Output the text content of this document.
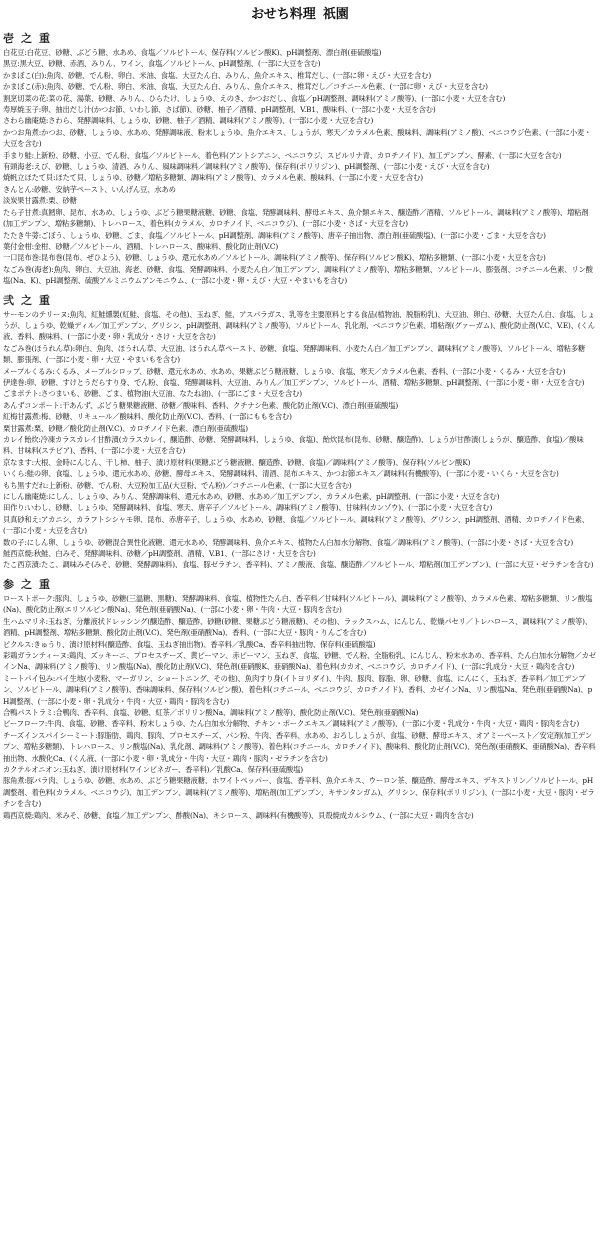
おせち料理 祇園
壱之重

白花豆:白花豆、砂糖、ぶどう糖、水あめ、食塩／ソルビトール、保存料(ソルビン酸K)、pH調整剤、漂白剤(亜硫酸塩)

黒豆:黒大豆、砂糖、赤酒、みりん、ワイン、食塩／ソルビトール、pH調整剤、(一部に大豆を含む)

かまぼこ(白):魚肉、砂糖、でん粉、卵白、米油、食塩、大豆たん白、みりん、魚介エキス、椎茸だし、(一部に卵・えび・大豆を含む)

かまぼこ(赤):魚肉、砂糖、でん粉、卵白、米油、食塩、大豆たん白、みりん、魚介エキス、椎茸だし／コチニール色素、(一部に卵・えび・大豆を含む)

割烹切菜の花:菜の花、湯葉、砂糖、みりん、ひらたけ、しょうゆ、えのき、かつおだし、食塩／pH調整剤、調味料(アミノ酸等)、(一部に小麦・大豆を含む)

寿厚焼玉子:卵、抽出だし汁(かつお節、いわし節、さば節)、砂糖、柚子／酒精、pH調整剤、V.B1、酸味料、(一部に小麦・大豆を含む)

さわら幽庵焼:さわら、発酵調味料、しょうゆ、砂糖、柚子／酒精、調味料(アミノ酸等)、(一部に小麦・大豆を含む)

かつお角煮:かつお、砂糖、しょうゆ、水あめ、発酵調味液、粉末しょうゆ、魚介エキス、しょうが、寒天／カラメル色素、酸味料、調味料(アミノ酸)、ベニコウジ色素、(一部に小麦・大豆を含む)

手まり鮭:上新粉、砂糖、小豆、でん粉、食塩／ソルビトール、着色料(アントシアニン、ベニコウジ、スピルリナ青、カロチノイド)、加工デンプン、酵素、(一部に大豆を含む)

有頭海老:えび、砂糖、しょうゆ、清酒、みりん、風味調味料／調味料(アミノ酸等)、保存料(ポリリジン)、pH調整剤、(一部に小麦・えび・大豆を含む)

焼帆立ほたて貝:ほたて貝、しょうゆ、砂糖／増粘多糖類、調味料(アミノ酸等)、カラメル色素、酸味料、(一部に小麦・大豆を含む)

きんとん:砂糖、安納芋ペースト、いんげん豆、水あめ

淡炭果甘露煮:栗、砂糖

たら子甘煮:真鱈卵、昆布、水あめ、しょうゆ、ぶどう糖果糖液糖、砂糖、食塩、発酵調味料、酵母エキス、魚介類エキス、醸造酢／酒精、ソルビトール、調味料(アミノ酸等)、増粘剤(加工デンプン、増粘多糖類)、トレハロース、着色料(カラメル、カロチノイド、ベニコウジ)、(一部に小麦・さば・大豆を含む)

たたき牛蒡:ごぼう、しょうゆ、砂糖、ごま、食塩／ソルビトール、pH調整剤、調味料(アミノ酸等)、唐辛子抽出物、漂白剤(亜硫酸塩)、(一部に小麦・ごま・大豆を含む)

葉付金柑:金柑、砂糖／ソルビトール、酒精、トレハロース、酸味料、酸化防止剤(V.C)

一口昆布巻:昆布巻(昆布、ぜひよう)、砂糖、しょうゆ、還元水あめ／ソルビトール、調味料(アミノ酸等)、保存料(ソルビン酸K)、増粘多糖類、(一部に小麦・大豆を含む)

なごみ巻(海老):魚肉、卵白、大豆油、海老、砂糖、食塩、発酵調味料、小麦たん白／加工デンプン、調味料(アミノ酸等)、増粘多糖類、ソルビトール、膨張剤、コチニール色素、リン酸塩(Na、K)、pH調整剤、硫酸アルミニウムアンモニウム、(一部に小麦・卵・えび・大豆・やまいもを含む)

弐之重

サーモンのテリーヌ:魚肉、紅鮭燻製(紅鮭、食塩、その他)、玉ねぎ、鮭、アスパラガス、乳等を主要原料とする食品(植物油、脱脂粉乳)、大豆油、卵白、砂糖、大豆たん白、食塩、しょうが、しょうゆ、乾燥ディル／加工デンプン、グリシン、pH調整剤、調味料(アミノ酸等)、ソルビトール、乳化剤、ベニコウジ色素、増粘剤(グァーガム)、酸化防止剤(V.C、V.E)、(くん液、香料、酸味料、(一部に小麦・卵・乳成分・さけ・大豆を含む)

なごみ巻(ほうれん草):卵白、魚肉、ほうれん草、大豆油、ほうれん草ペースト、砂糖、食塩、発酵調味料、小麦たん白／加工デンプン、調味料(アミノ酸等)、ソルビトール、増粘多糖類、膨張剤、(一部に小麦・卵・大豆・やまいもを含む)

メープルくるみ:くるみ、メープルシロップ、砂糖、還元水あめ、水あめ、果糖ぶどう糖液糖、しょうゆ、食塩、寒天／カラメル色素、香料、(一部に小麦・くるみ・大豆を含む)

伊達巻:卵、砂糖、すけとうだらすり身、でん粉、食塩、発酵調味料、大豆油、みりん／加工デンプン、ソルビトール、酒精、増粘多糖類、pH調整剤、(一部に小麦・卵・大豆を含む)

ごまポテト:さつまいも、砂糖、ごま、植物油(大豆油、なたね油)、(一部にごま・大豆を含む)

あんずコンポート:干あんず、ぶどう糖果糖液糖、砂糖／酸味料、香料、クチナシ色素、酸化防止剤(V.C)、漂白剤(亜硫酸塩)

紅梅甘露煮:梅、砂糖、リキュール／酸味料、酸化防止剤(V.C)、香料、(一部にももを含む)

栗甘露煮:栗、砂糖／酸化防止剤(V.C)、カロチノイド色素、漂白剤(亜硫酸塩)

カレイ飴炊:冷凍カラスカレイ甘酢漬(カラスカレイ、醸造酢、砂糖、発酵調味料、しょうゆ、食塩)、飴炊昆布(昆布、砂糖、醸造酢)、しょうが甘酢漬(しょうが、醸造酢、食塩)／酸味料、甘味料(ステビア)、香料、(一部に小麦・大豆を含む)

京なます:大根、金時にんじん、干し柿、柚子、漬け原材料(果糖ぶどう糖液糖、醸造酢、砂糖、食塩)／調味料(アミノ酸等)、保存料(ソルビン酸K)

いくら:鮭の卵、食塩、しょうゆ、還元水あめ、砂糖、酵母エキス、発酵調味料、清酒、昆布エキス、かつお節エキス／調味料(有機酸等)、(一部に小麦・いくら・大豆を含む)

もち黒すだれ:上新粉、砂糖、でん粉、大豆粉加工品(大豆粉、でん粉)／コチニール色素、(一部に大豆を含む)

にしん幽庵焼:にしん、しょうゆ、みりん、発酵調味料、還元水あめ、砂糖、水あめ／加工デンプン、カラメル色素、pH調整剤、(一部に小麦・大豆を含む)

田作り:いわし、砂糖、しょうゆ、発酵調味料、食塩、寒天、唐辛子／ソルビトール、調味料(アミノ酸等)、甘味料(カンゾウ)、(一部に小麦・大豆を含む)

貝真砂和え:アカニシ、カラフトシシャモ卵、昆布、赤唐辛子、しょうゆ、水あめ、砂糖、食塩／ソルビトール、調味料(アミノ酸等)、グリシン、pH調整剤、酒精、カロチノイド色素、(一部に小麦・大豆を含む)

数の子:にしん卵、しょうゆ、砂糖混合異性化液糖、還元水あめ、発酵調味料、魚介エキス、植物たん白加水分解物、食塩／調味料(アミノ酸等)、(一部に小麦・さば・大豆を含む)

鮭西京焼:秋鮭、白みそ、発酵調味料、砂糖／pH調整剤、酒精、V.B1、(一部にさけ・大豆を含む)

たこ西京漬:たこ、調味みそ(みそ、砂糖、発酵調味料)、食塩、豚ゼラチン、香辛料)、アミノ酸液、食塩、醸造酢／ソルビトール、増粘剤(加工デンプン)、(一部に大豆・ゼラチンを含む)

参之重

ローストポーク:豚肉、しょうゆ、砂糖(三温糖、黒糖)、発酵調味料、食塩、植物性たん白、香辛料／甘味料(ソルビトール)、調味料(アミノ酸等)、カラメル色素、増粘多糖類、リン酸塩(Na)、酸化防止剤(エリソルビン酸Na)、発色剤(亜硝酸Na)、(一部に小麦・卵・牛肉・大豆・豚肉を含む)

生ハムマリネ:玉ねぎ、分離液状ドレッシング(醸造酢、醸造酢、砂糖(砂糖、果糖ぶどう糖液糖)、その他)、ラックスハム、にんじん、乾燥パセリ／トレハロース、調味料(アミノ酸等)、酒精、pH調整剤、増粘多糖類、酸化防止剤(V.C)、発色剤(亜硝酸Na)、香料、(一部に大豆・豚肉・りんごを含む)

ピクルス:きゅうり、漬け原材料(醸造酢、食塩、玉ねぎ抽出物)、香辛料／乳酸Ca、香辛料抽出物、保存料(亜硫酸塩)

彩鶏ガランティーヌ:鶏肉、ズッキーニ、プロセスチーズ、黄ピーマン、赤ピーマン、玉ねぎ、食塩、砂糖、でん粉、全脂粉乳、にんじん、粉末水あめ、香辛料、たん白加水分解物／カゼインNa、調味料(アミノ酸等)、リン酸塩(Na)、酸化防止剤(V.C)、発色剤(亜硝酸K、亜硝酸Na)、着色料(カカオ、ベニコウジ、カロチノイド)、(一部に乳成分・大豆・鶏肉を含む)

ミートパイ包み:パイ生地(小麦粉、マーガリン、ショートニング、その他)、魚肉すり身(イトヨリダイ)、牛肉、豚肉、豚脂、卵、砂糖、食塩、にんにく、玉ねぎ、香辛料／加工デンプン、ソルビトール、調味料(アミノ酸等)、香味調味料、保存料(ソルビン酸)、着色料(コチニール、ベニコウジ、カロチノイド)、香料、カゼインNa、リン酸塩Na、発色剤(亜硝酸Na)、pH調整剤、(一部に小麦・卵・乳成分・牛肉・大豆・鶏肉・豚肉を含む)

合鴨パストラミ:合鴨肉、香辛料、食塩、砂糖、紅茶／ポリリン酸Na、調味料(アミノ酸等)、酸化防止剤(V.C)、発色剤(亜硝酸Na)

ビーフローフ:牛肉、食塩、砂糖、香辛料、粉末しょうゆ、たん白加水分解物、チキン・ポークエキス／調味料(アミノ酸等)、(一部に小麦・乳成分・牛肉・大豆・鶏肉・豚肉を含む)

チーズインスパイシーミート:豚脂肪、鶏肉、豚肉、プロセスチーズ、パン粉、牛肉、香辛料、水あめ、おろししょうが、食塩、砂糖、酵母エキス、オアミーペースト／安定剤(加工デンプン、増粘多糖類)、トレハロース、リン酸塩(Na)、乳化剤、調味料(アミノ酸等)、着色料(コチニール、カロチノイド)、酸味料、酸化防止剤(V.C)、発色剤(亜硝酸K、亜硝酸Na)、香辛料抽出物、水酸化Ca、(くん液、(一部に小麦・卵・乳成分・牛肉・大豆・鶏肉・豚肉・ゼラチンを含む)

カクテルオニオン:玉ねぎ、漬け原材料(ワインビネガー、香辛料)／乳酸Ca、保存料(亜硫酸塩)

豚角煮:豚バラ肉、しょうゆ、砂糖、水あめ、ぶどう糖果糖液糖、ホワイトペッパー、食塩、香辛料、魚介エキス、ウーロン茶、醸造酢、酵母エキス、デキストリン／ソルビトール、pH調整剤、着色料(カラメル、ベニコウジ)、加工デンプン、調味料(アミノ酸等)、増粘剤(加工デンプン、キサンタンガム)、グリシン、保存料(ポリリジン)、(一部に小麦・大豆・豚肉・ゼラチンを含む)

鶏西京焼:鶏肉、米みそ、砂糖、食塩／加工デンプン、酢酸(Na)、キシロース、調味料(有機酸等)、貝殻焼成カルシウム、(一部に大豆・鶏肉を含む)
